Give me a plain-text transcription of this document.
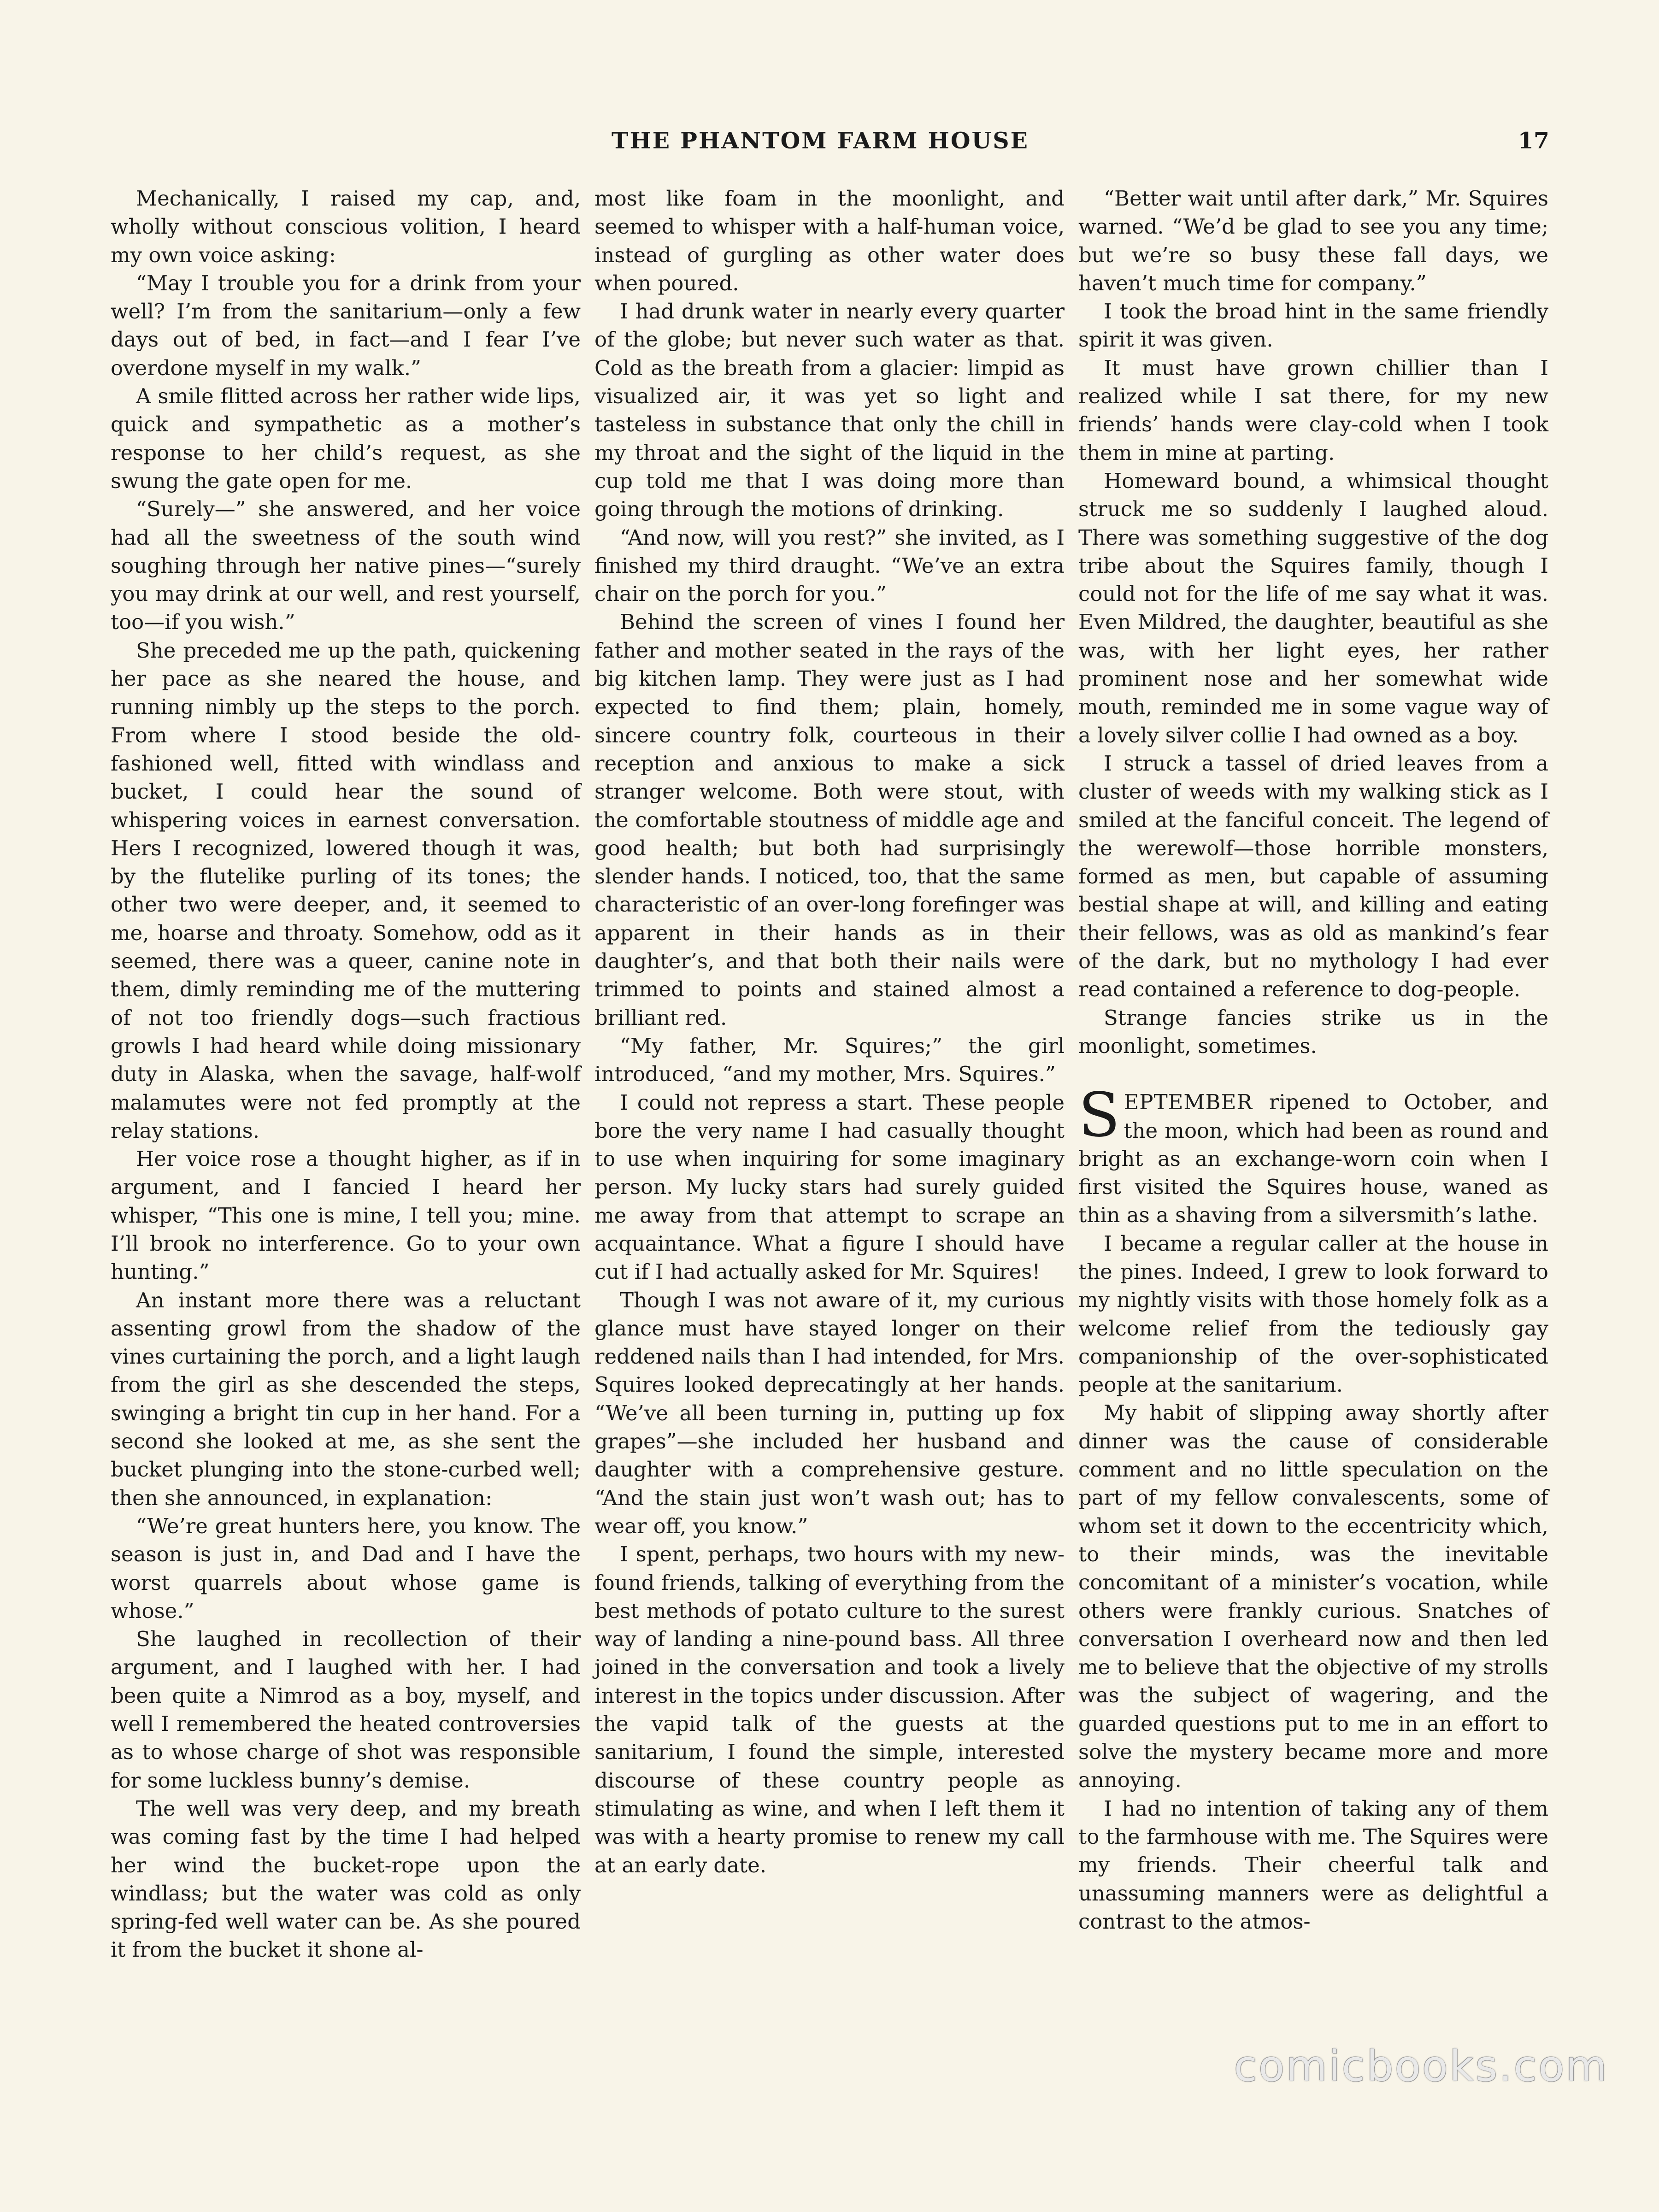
THE PHANTOM FARM HOUSE	17

Mechanically, I raised my cap, and, wholly without conscious volition, I heard my own voice asking:

“May I trouble you for a drink from your well? I’m from the sanitarium—only a few days out of bed, in fact—and I fear I’ve overdone myself in my walk.”

A smile flitted across her rather wide lips, quick and sympathetic as a mother’s response to her child’s request, as she swung the gate open for me.

“Surely—” she answered, and her voice had all the sweetness of the south wind soughing through her native pines—“surely you may drink at our well, and rest yourself, too—if you wish.”

She preceded me up the path, quickening her pace as she neared the house, and running nimbly up the steps to the porch. From where I stood beside the old-fashioned well, fitted with windlass and bucket, I could hear the sound of whispering voices in earnest conversation. Hers I recognized, lowered though it was, by the flutelike purling of its tones; the other two were deeper, and, it seemed to me, hoarse and throaty. Somehow, odd as it seemed, there was a queer, canine note in them, dimly reminding me of the muttering of not too friendly dogs—such fractious growls I had heard while doing missionary duty in Alaska, when the savage, half-wolf malamutes were not fed promptly at the relay stations.

Her voice rose a thought higher, as if in argument, and I fancied I heard her whisper, “This one is mine, I tell you; mine. I’ll brook no interference. Go to your own hunting.”

An instant more there was a reluctant assenting growl from the shadow of the vines curtaining the porch, and a light laugh from the girl as she descended the steps, swinging a bright tin cup in her hand. For a second she looked at me, as she sent the bucket plunging into the stone-curbed well; then she announced, in explanation:

“We’re great hunters here, you know. The season is just in, and Dad and I have the worst quarrels about whose game is whose.”

She laughed in recollection of their argument, and I laughed with her. I had been quite a Nimrod as a boy, myself, and well I remembered the heated controversies as to whose charge of shot was responsible for some luckless bunny’s demise.

The well was very deep, and my breath was coming fast by the time I had helped her wind the bucket-rope upon the windlass; but the water was cold as only spring-fed well water can be. As she poured it from the bucket it shone al-

most like foam in the moonlight, and seemed to whisper with a half-human voice, instead of gurgling as other water does when poured.

I had drunk water in nearly every quarter of the globe; but never such water as that. Cold as the breath from a glacier: limpid as visualized air, it was yet so light and tasteless in substance that only the chill in my throat and the sight of the liquid in the cup told me that I was doing more than going through the motions of drinking.

“And now, will you rest?” she invited, as I finished my third draught. “We’ve an extra chair on the porch for you.”

Behind the screen of vines I found her father and mother seated in the rays of the big kitchen lamp. They were just as I had expected to find them; plain, homely, sincere country folk, courteous in their reception and anxious to make a sick stranger welcome. Both were stout, with the comfortable stoutness of middle age and good health; but both had surprisingly slender hands. I noticed, too, that the same characteristic of an over-long forefinger was apparent in their hands as in their daughter’s, and that both their nails were trimmed to points and stained almost a brilliant red.

“My father, Mr. Squires;” the girl introduced, “and my mother, Mrs. Squires.”

I could not repress a start. These people bore the very name I had casually thought to use when inquiring for some imaginary person. My lucky stars had surely guided me away from that attempt to scrape an acquaintance. What a figure I should have cut if I had actually asked for Mr. Squires!

Though I was not aware of it, my curious glance must have stayed longer on their reddened nails than I had intended, for Mrs. Squires looked deprecatingly at her hands. “We’ve all been turning in, putting up fox grapes”—she included her husband and daughter with a comprehensive gesture. “And the stain just won’t wash out; has to wear off, you know.”

I spent, perhaps, two hours with my new-found friends, talking of everything from the best methods of potato culture to the surest way of landing a nine-pound bass. All three joined in the conversation and took a lively interest in the topics under discussion. After the vapid talk of the guests at the sanitarium, I found the simple, interested discourse of these country people as stimulating as wine, and when I left them it was with a hearty promise to renew my call at an early date.

“Better wait until after dark,” Mr. Squires warned. “We’d be glad to see you any time; but we’re so busy these fall days, we haven’t much time for company.”

I took the broad hint in the same friendly spirit it was given.

It must have grown chillier than I realized while I sat there, for my new friends’ hands were clay-cold when I took them in mine at parting.

Homeward bound, a whimsical thought struck me so suddenly I laughed aloud. There was something suggestive of the dog tribe about the Squires family, though I could not for the life of me say what it was. Even Mildred, the daughter, beautiful as she was, with her light eyes, her rather prominent nose and her somewhat wide mouth, reminded me in some vague way of a lovely silver collie I had owned as a boy.

I struck a tassel of dried leaves from a cluster of weeds with my walking stick as I smiled at the fanciful conceit. The legend of the werewolf—those horrible monsters, formed as men, but capable of assuming bestial shape at will, and killing and eating their fellows, was as old as mankind’s fear of the dark, but no mythology I had ever read contained a reference to dog-people.

Strange fancies strike us in the moonlight, sometimes.

SEPTEMBER ripened to October, and the moon, which had been as round and bright as an exchange-worn coin when I first visited the Squires house, waned as thin as a shaving from a silversmith’s lathe.

I became a regular caller at the house in the pines. Indeed, I grew to look forward to my nightly visits with those homely folk as a welcome relief from the tediously gay companionship of the over-sophisticated people at the sanitarium.

My habit of slipping away shortly after dinner was the cause of considerable comment and no little speculation on the part of my fellow convalescents, some of whom set it down to the eccentricity which, to their minds, was the inevitable concomitant of a minister’s vocation, while others were frankly curious. Snatches of conversation I overheard now and then led me to believe that the objective of my strolls was the subject of wagering, and the guarded questions put to me in an effort to solve the mystery became more and more annoying.

I had no intention of taking any of them to the farmhouse with me. The Squires were my friends. Their cheerful talk and unassuming manners were as delightful a contrast to the atmos-

comicbooks.com
